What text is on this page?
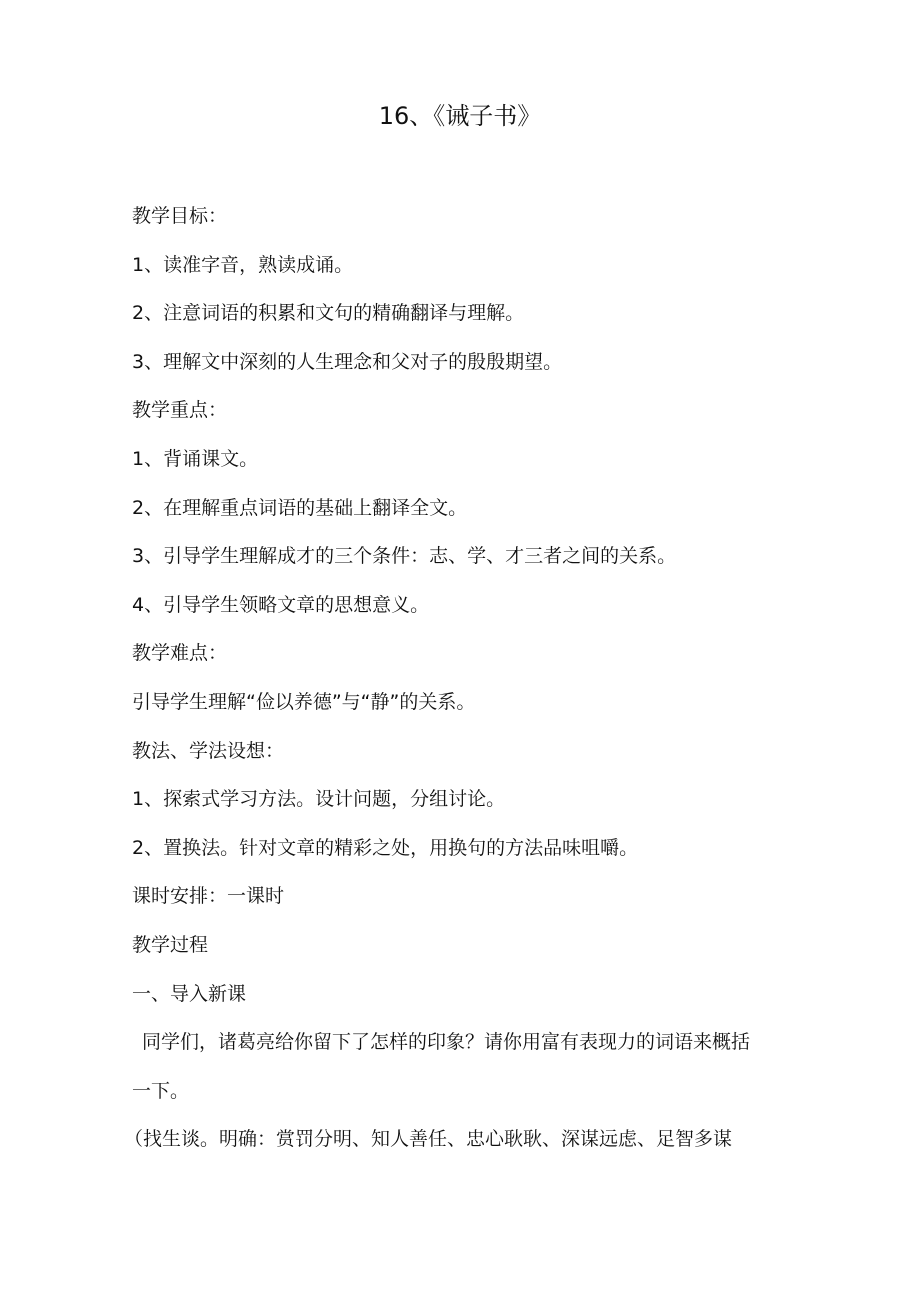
16、《诫子书》
教学目标：
1、读准字音，熟读成诵。
2、注意词语的积累和文句的精确翻译与理解。
3、理解文中深刻的人生理念和父对子的殷殷期望。
教学重点：
1、背诵课文。
2、在理解重点词语的基础上翻译全文。
3、引导学生理解成才的三个条件：志、学、才三者之间的关系。
4、引导学生领略文章的思想意义。
教学难点：
引导学生理解“俭以养德”与“静”的关系。
教法、学法设想：
1、探索式学习方法。设计问题，分组讨论。
2、置换法。针对文章的精彩之处，用换句的方法品味咀嚼。
课时安排：一课时
教学过程
一、导入新课
同学们，诸葛亮给你留下了怎样的印象？请你用富有表现力的词语来概括
一下。
（找生谈。明确：赏罚分明、知人善任、忠心耿耿、深谋远虑、足智多谋
